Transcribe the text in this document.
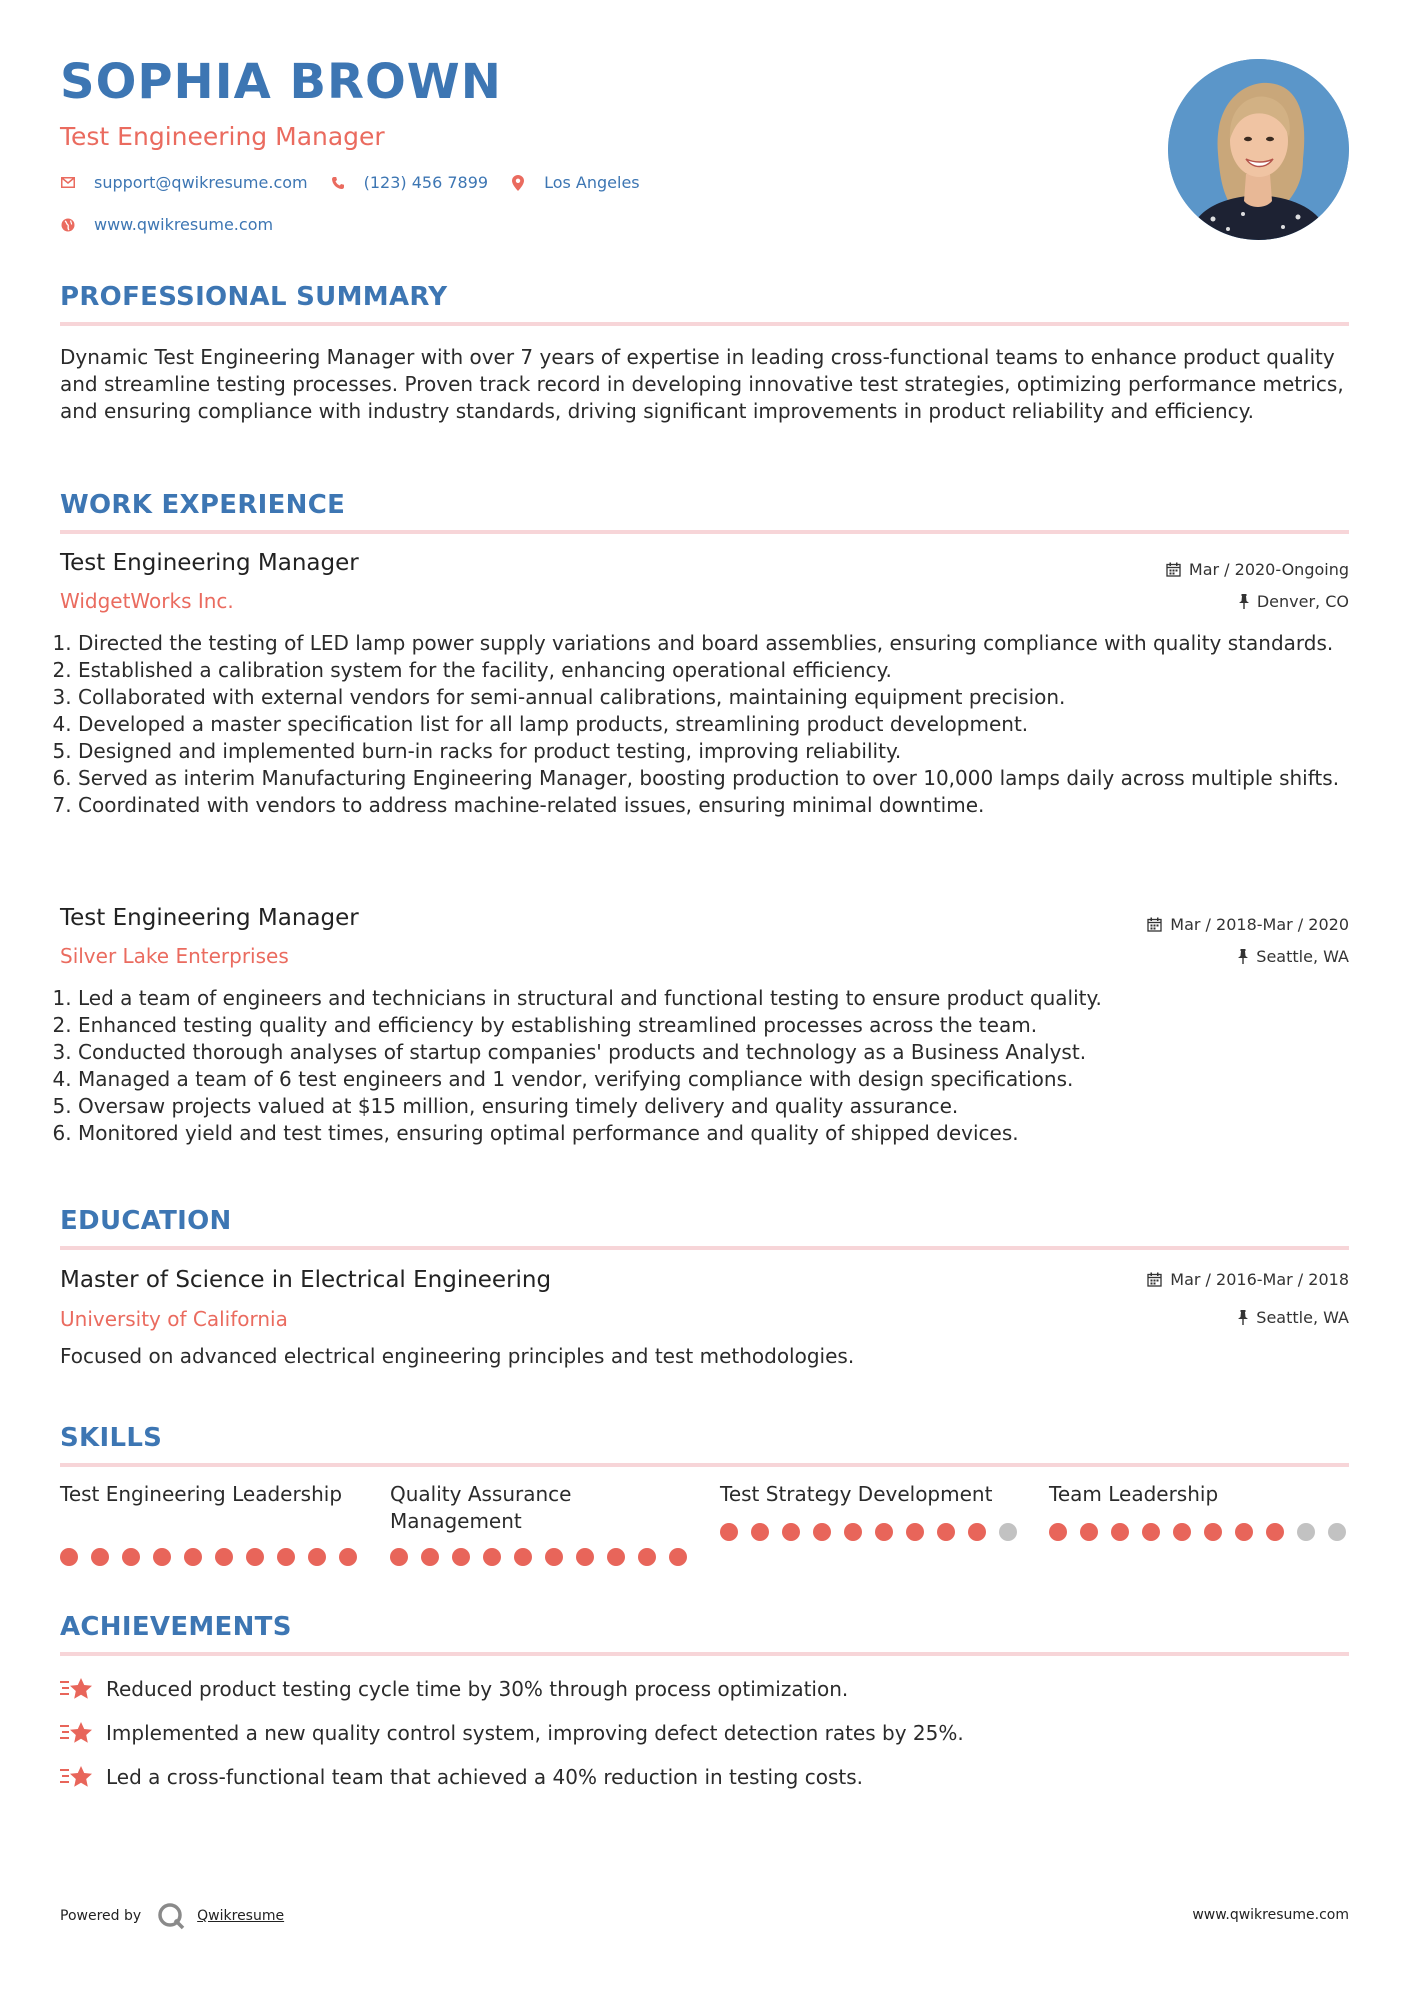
SOPHIA BROWN
Test Engineering Manager
support@qwikresume.com	(123) 456 7899	Los Angeles
www.qwikresume.com
PROFESSIONAL SUMMARY
Dynamic Test Engineering Manager with over 7 years of expertise in leading cross-functional teams to enhance product quality and streamline testing processes. Proven track record in developing innovative test strategies, optimizing performance metrics, and ensuring compliance with industry standards, driving significant improvements in product reliability and efficiency.
WORK EXPERIENCE
Test Engineering Manager
WidgetWorks Inc.
Mar / 2020-Ongoing
Denver, CO
1. Directed the testing of LED lamp power supply variations and board assemblies, ensuring compliance with quality standards.
2. Established a calibration system for the facility, enhancing operational efficiency.
3. Collaborated with external vendors for semi-annual calibrations, maintaining equipment precision.
4. Developed a master specification list for all lamp products, streamlining product development.
5. Designed and implemented burn-in racks for product testing, improving reliability.
6. Served as interim Manufacturing Engineering Manager, boosting production to over 10,000 lamps daily across multiple shifts.
7. Coordinated with vendors to address machine-related issues, ensuring minimal downtime.
Test Engineering Manager
Silver Lake Enterprises
Mar / 2018-Mar / 2020
Seattle, WA
1. Led a team of engineers and technicians in structural and functional testing to ensure product quality.
2. Enhanced testing quality and efficiency by establishing streamlined processes across the team.
3. Conducted thorough analyses of startup companies' products and technology as a Business Analyst.
4. Managed a team of 6 test engineers and 1 vendor, verifying compliance with design specifications.
5. Oversaw projects valued at $15 million, ensuring timely delivery and quality assurance.
6. Monitored yield and test times, ensuring optimal performance and quality of shipped devices.
EDUCATION
Master of Science in Electrical Engineering
University of California
Mar / 2016-Mar / 2018
Seattle, WA
Focused on advanced electrical engineering principles and test methodologies.
SKILLS
Test Engineering Leadership	Quality Assurance Management
Test Strategy Development	Team Leadership
ACHIEVEMENTS
Reduced product testing cycle time by 30% through process optimization.
Implemented a new quality control system, improving defect detection rates by 25%.
Led a cross-functional team that achieved a 40% reduction in testing costs.
Powered by	Qwikresume	www.qwikresume.com
